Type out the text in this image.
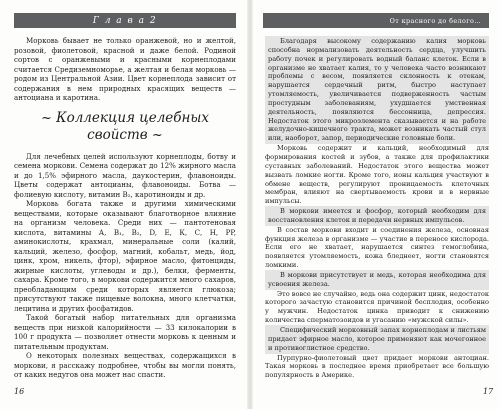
Г л а в а 2

Морковь бывает не только оранжевой, но и желтой, розовой, фиолетовой, красной и даже белой. Родиной сортов с оранжевыми и красными корнеплодами считается Средиземноморье, а желтая и белая морковь — родом из Центральной Азии. Цвет корнеплода зависит от содержания в нем природных красящих веществ — антоциана и каротина.

~ Коллекция целебных свойств ~

Для лечебных целей используют корнеплоды, ботву и семена моркови. Семена содержат до 12% жирного масла и до 1,5% эфирного масла, даукостерин, флавоноиды. Цветы содержат антоцианы, флавоноиды. Ботва — фолиевую кислоту, витамин B₂, каротиноиды и др.

Морковь богата также и другими химическими веществами, которые оказывают благотворное влияние на организм человека. Среди них — пантотеновая кислота, витамины А, B₁, B₂, D, Е, К, С, Н, PP, аминокислоты, крахмал, минеральные соли (калий, кальций, железо, фосфор, магний, кобальт, медь, йод, цинк, хром, никель, фтор), эфирное масло, фитонциды, жирные кислоты, углеводы и др.), белки, ферменты, сахара. Кроме того, в моркови содержится много сахаров, преобладающим среди которых является глюкоза; присутствуют также пищевые волокна, много клетчатки, лецитина и других фосфатидов.

Такой богатый набор питательных для организма веществ при низкой калорийности — 33 килокалории в 100 г продукта — позволяет отнести морковь к ценным и питательным продуктам.

О некоторых полезных веществах, содержащихся в моркови, я расскажу подробнее, чтобы вы могли понять, от каких недугов она может нас спасти.

16
От красного до белого…

Благодаря высокому содержанию калия морковь способна нормализовать деятельность сердца, улучшить работу почек и регулировать водный баланс клеток. Если в организме не хватает калия, то у человека часто возникают проблемы с весом, появляется склонность к отекам, нарушается сердечный ритм, быстро наступает утомляемость, увеличивается подверженность частым простудным заболеваниям, ухудшается умственная деятельность, появляются бессонница, депрессия. Недостаток этого микроэлемента сказывается и на работе желудочно-кишечного тракта, может возникать частый стул или, наоборот, запор, периодические головные боли.

Морковь содержит и кальций, необходимый для формирования костей и зубов, а также для профилактики суставных заболеваний. Недостаток этого вещества может вызвать ломкие ногти. Кроме того, ионы кальция участвуют в обмене веществ, регулируют проницаемость клеточных мембран, влияют на свертываемость крови и в нервные импульсы.

В моркови имеется и фосфор, который необходим для восстановления клеток и передачи нервных импульсов.

В состав моркови входит и соединения железа, основная функция железа в организме — участие в переносе кислорода. Если его не хватает, нарушается синтез гемоглобина, появляется утомляемость, кожа бледнеет, ногти становятся ломкими.

В моркови присутствует и медь, которая необходима для усвоения железа.

Это вовсе не случайно, ведь она содержит цинк, недостаток которого зачастую становится причиной бесплодия, особенно у мужчин. Недостаток цинка приводит к снижению количества сперматозоидов и угасанию «мужской силы».

Специфический морковный запах корнеплодам и листьям придает эфирное масло, которое применяют как мочегонное и противоглистное средство.

Пурпурно-фиолетовый цвет придает моркови антоциан. Такая морковь в последнее время приобретает все большую популярность в Америке.

17
